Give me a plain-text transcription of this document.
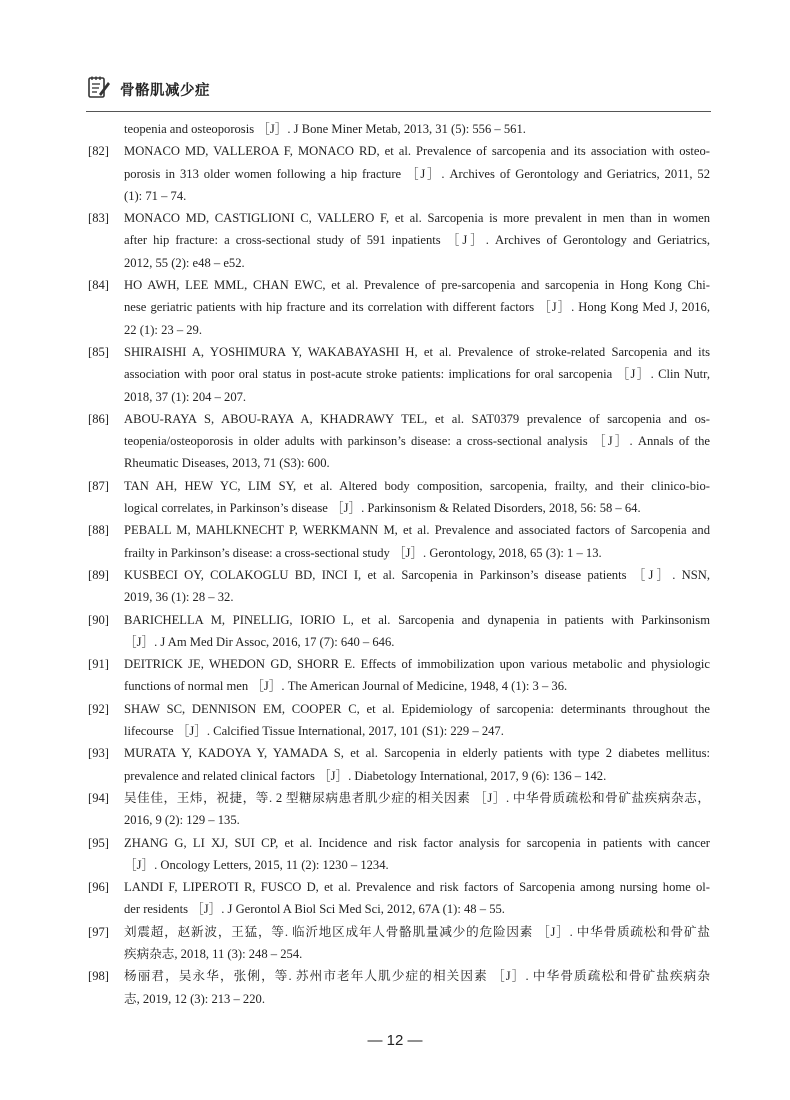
骨骼肌减少症
teopenia and osteoporosis ［J］. J Bone Miner Metab, 2013, 31 (5): 556 – 561.
[82]	MONACO MD, VALLEROA F, MONACO RD, et al. Prevalence of sarcopenia and its association with osteo-
porosis in 313 older women following a hip fracture ［J］. Archives of Gerontology and Geriatrics, 2011, 52
(1): 71 – 74.
[83]	MONACO MD, CASTIGLIONI C, VALLERO F, et al. Sarcopenia is more prevalent in men than in women
after hip fracture: a cross-sectional study of 591 inpatients ［J］. Archives of Gerontology and Geriatrics,
2012, 55 (2): e48 – e52.
[84]	HO AWH, LEE MML, CHAN EWC, et al. Prevalence of pre-sarcopenia and sarcopenia in Hong Kong Chi-
nese geriatric patients with hip fracture and its correlation with different factors ［J］. Hong Kong Med J, 2016,
22 (1): 23 – 29.
[85]	SHIRAISHI A, YOSHIMURA Y, WAKABAYASHI H, et al. Prevalence of stroke-related Sarcopenia and its
association with poor oral status in post-acute stroke patients: implications for oral sarcopenia ［J］. Clin Nutr,
2018, 37 (1): 204 – 207.
[86]	ABOU-RAYA S, ABOU-RAYA A, KHADRAWY TEL, et al. SAT0379 prevalence of sarcopenia and os-
teopenia/osteoporosis in older adults with parkinson’s disease: a cross-sectional analysis ［J］. Annals of the
Rheumatic Diseases, 2013, 71 (S3): 600.
[87]	TAN AH, HEW YC, LIM SY, et al. Altered body composition, sarcopenia, frailty, and their clinico-bio-
logical correlates, in Parkinson’s disease ［J］. Parkinsonism & Related Disorders, 2018, 56: 58 – 64.
[88]	PEBALL M, MAHLKNECHT P, WERKMANN M, et al. Prevalence and associated factors of Sarcopenia and
frailty in Parkinson’s disease: a cross-sectional study ［J］. Gerontology, 2018, 65 (3): 1 – 13.
[89]	KUSBECI OY, COLAKOGLU BD, INCI I, et al. Sarcopenia in Parkinson’s disease patients ［J］. NSN,
2019, 36 (1): 28 – 32.
[90]	BARICHELLA M, PINELLIG, IORIO L, et al. Sarcopenia and dynapenia in patients with Parkinsonism
［J］. J Am Med Dir Assoc, 2016, 17 (7): 640 – 646.
[91]	DEITRICK JE, WHEDON GD, SHORR E. Effects of immobilization upon various metabolic and physiologic
functions of normal men ［J］. The American Journal of Medicine, 1948, 4 (1): 3 – 36.
[92]	SHAW SC, DENNISON EM, COOPER C, et al. Epidemiology of sarcopenia: determinants throughout the
lifecourse ［J］. Calcified Tissue International, 2017, 101 (S1): 229 – 247.
[93]	MURATA Y, KADOYA Y, YAMADA S, et al. Sarcopenia in elderly patients with type 2 diabetes mellitus:
prevalence and related clinical factors ［J］. Diabetology International, 2017, 9 (6): 136 – 142.
[94]	吴佳佳，王炜，祝捷，等. 2 型糖尿病患者肌少症的相关因素 ［J］. 中华骨质疏松和骨矿盐疾病杂志，
2016, 9 (2): 129 – 135.
[95]	ZHANG G, LI XJ, SUI CP, et al. Incidence and risk factor analysis for sarcopenia in patients with cancer
［J］. Oncology Letters, 2015, 11 (2): 1230 – 1234.
[96]	LANDI F, LIPEROTI R, FUSCO D, et al. Prevalence and risk factors of Sarcopenia among nursing home ol-
der residents ［J］. J Gerontol A Biol Sci Med Sci, 2012, 67A (1): 48 – 55.
[97]	刘震超，赵新波，王猛，等. 临沂地区成年人骨骼肌量减少的危险因素 ［J］. 中华骨质疏松和骨矿盐
疾病杂志, 2018, 11 (3): 248 – 254.
[98]	杨丽君，吴永华，张俐，等. 苏州市老年人肌少症的相关因素 ［J］. 中华骨质疏松和骨矿盐疾病杂
志, 2019, 12 (3): 213 – 220.
— 12 —
